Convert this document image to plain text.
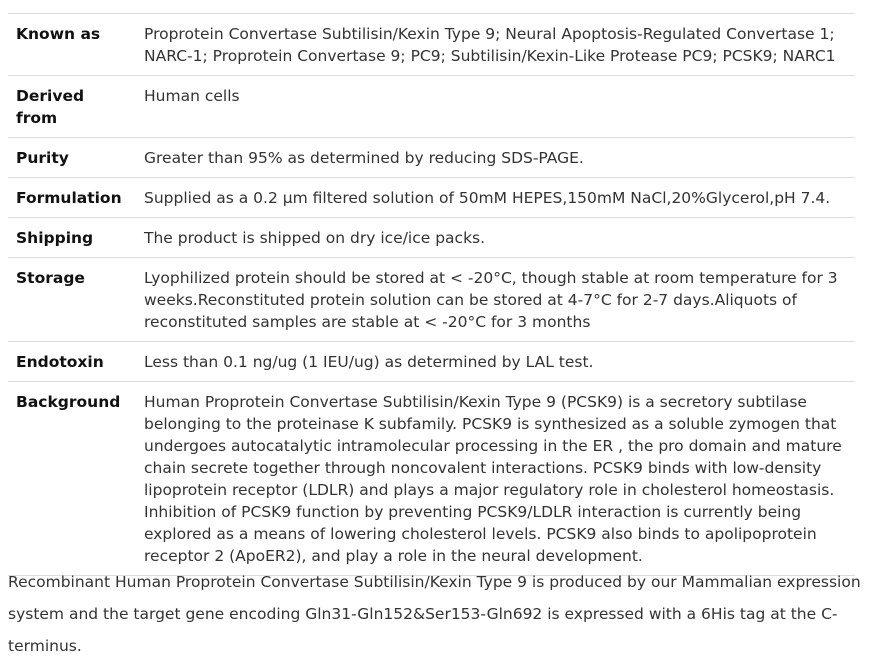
Known as	Proprotein Convertase Subtilisin/Kexin Type 9; Neural Apoptosis-Regulated Convertase 1; NARC-1; Proprotein Convertase 9; PC9; Subtilisin/Kexin-Like Protease PC9; PCSK9; NARC1
Derived from	Human cells
Purity	Greater than 95% as determined by reducing SDS-PAGE.
Formulation	Supplied as a 0.2 μm filtered solution of 50mM HEPES,150mM NaCl,20%Glycerol,pH 7.4.
Shipping	The product is shipped on dry ice/ice packs.
Storage	Lyophilized protein should be stored at < -20°C, though stable at room temperature for 3 weeks.Reconstituted protein solution can be stored at 4-7°C for 2-7 days.Aliquots of reconstituted samples are stable at < -20°C for 3 months
Endotoxin	Less than 0.1 ng/ug (1 IEU/ug) as determined by LAL test.
Background	Human Proprotein Convertase Subtilisin/Kexin Type 9 (PCSK9) is a secretory subtilase belonging to the proteinase K subfamily. PCSK9 is synthesized as a soluble zymogen that undergoes autocatalytic intramolecular processing in the ER , the pro domain and mature chain secrete together through noncovalent interactions. PCSK9 binds with low-density lipoprotein receptor (LDLR) and plays a major regulatory role in cholesterol homeostasis. Inhibition of PCSK9 function by preventing PCSK9/LDLR interaction is currently being explored as a means of lowering cholesterol levels. PCSK9 also binds to apolipoprotein receptor 2 (ApoER2), and play a role in the neural development.

Recombinant Human Proprotein Convertase Subtilisin/Kexin Type 9 is produced by our Mammalian expression system and the target gene encoding Gln31-Gln152&Ser153-Gln692 is expressed with a 6His tag at the C-terminus.
